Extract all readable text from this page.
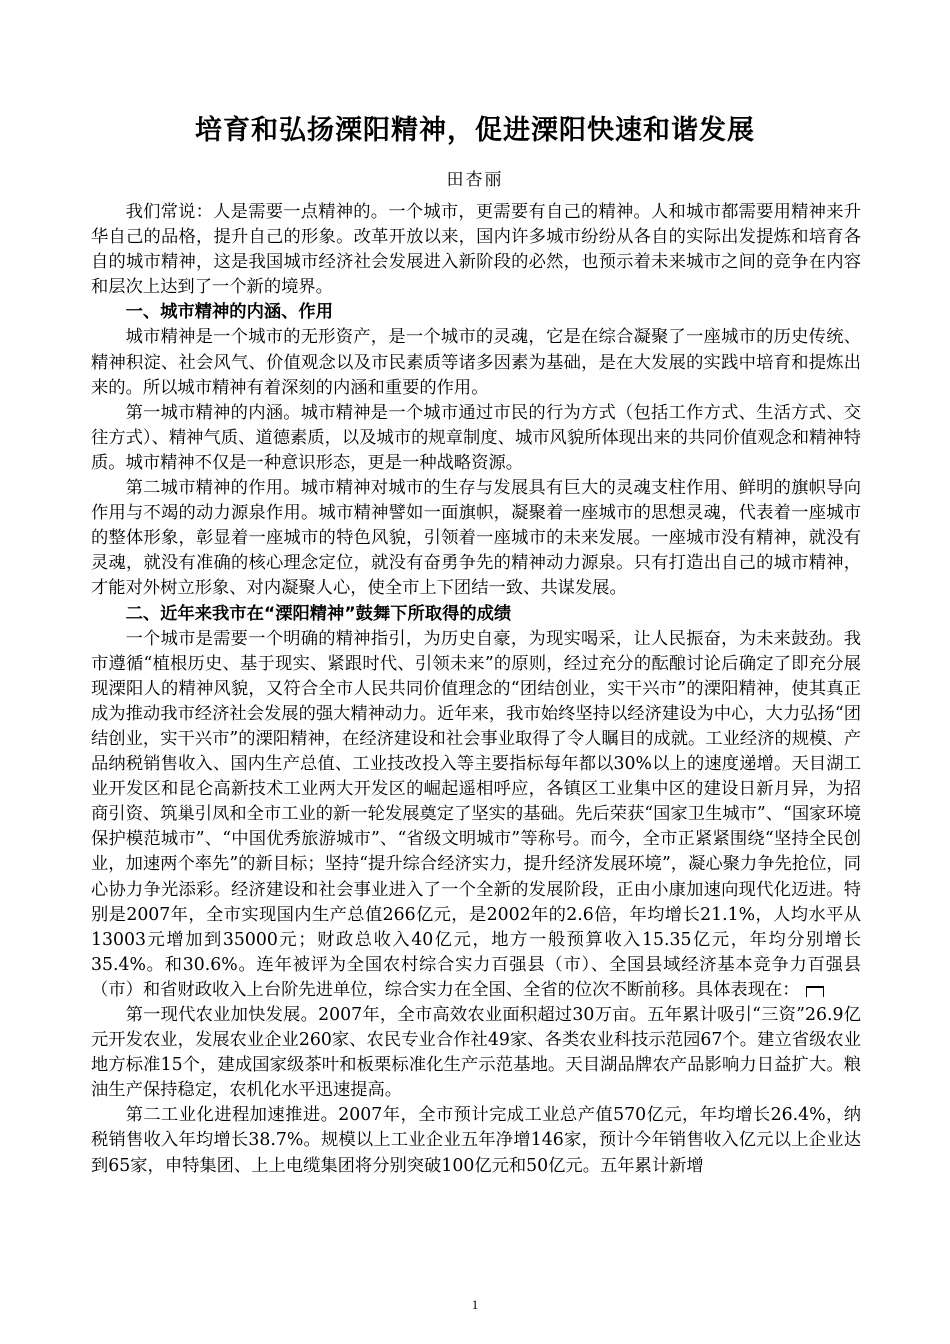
培育和弘扬溧阳精神，促进溧阳快速和谐发展
田杏丽

我们常说：人是需要一点精神的。一个城市，更需要有自己的精神。人和城市都需要用精神来升华自己的品格，提升自己的形象。改革开放以来，国内许多城市纷纷从各自的实际出发提炼和培育各自的城市精神，这是我国城市经济社会发展进入新阶段的必然，也预示着未来城市之间的竞争在内容和层次上达到了一个新的境界。

一、城市精神的内涵、作用

城市精神是一个城市的无形资产，是一个城市的灵魂，它是在综合凝聚了一座城市的历史传统、精神积淀、社会风气、价值观念以及市民素质等诸多因素为基础，是在大发展的实践中培育和提炼出来的。所以城市精神有着深刻的内涵和重要的作用。

第一城市精神的内涵。城市精神是一个城市通过市民的行为方式（包括工作方式、生活方式、交往方式）、精神气质、道德素质，以及城市的规章制度、城市风貌所体现出来的共同价值观念和精神特质。城市精神不仅是一种意识形态，更是一种战略资源。

第二城市精神的作用。城市精神对城市的生存与发展具有巨大的灵魂支柱作用、鲜明的旗帜导向作用与不竭的动力源泉作用。城市精神譬如一面旗帜，凝聚着一座城市的思想灵魂，代表着一座城市的整体形象，彰显着一座城市的特色风貌，引领着一座城市的未来发展。一座城市没有精神，就没有灵魂，就没有准确的核心理念定位，就没有奋勇争先的精神动力源泉。只有打造出自己的城市精神，才能对外树立形象、对内凝聚人心，使全市上下团结一致、共谋发展。

二、近年来我市在“溧阳精神”鼓舞下所取得的成绩

一个城市是需要一个明确的精神指引，为历史自豪，为现实喝采，让人民振奋，为未来鼓劲。我市遵循“植根历史、基于现实、紧跟时代、引领未来”的原则，经过充分的酝酿讨论后确定了即充分展现溧阳人的精神风貌，又符合全市人民共同价值理念的“团结创业，实干兴市”的溧阳精神，使其真正成为推动我市经济社会发展的强大精神动力。近年来，我市始终坚持以经济建设为中心，大力弘扬“团结创业，实干兴市”的溧阳精神，在经济建设和社会事业取得了令人瞩目的成就。工业经济的规模、产品纳税销售收入、国内生产总值、工业技改投入等主要指标每年都以30%以上的速度递增。天目湖工业开发区和昆仑高新技术工业两大开发区的崛起遥相呼应，各镇区工业集中区的建设日新月异，为招商引资、筑巢引凤和全市工业的新一轮发展奠定了坚实的基础。先后荣获“国家卫生城市”、“国家环境保护模范城市”、“中国优秀旅游城市”、“省级文明城市”等称号。而今，全市正紧紧围绕“坚持全民创业，加速两个率先”的新目标；坚持“提升综合经济实力，提升经济发展环境”，凝心聚力争先抢位，同心协力争光添彩。经济建设和社会事业进入了一个全新的发展阶段，正由小康加速向现代化迈进。特别是2007年，全市实现国内生产总值266亿元，是2002年的2.6倍，年均增长21.1%，人均水平从13003元增加到35000元；财政总收入40亿元，地方一般预算收入15.35亿元，年均分别增长35.4%。和30.6%。连年被评为全国农村综合实力百强县（市）、全国县域经济基本竞争力百强县（市）和省财政收入上台阶先进单位，综合实力在全国、全省的位次不断前移。具体表现在：

第一现代农业加快发展。2007年，全市高效农业面积超过30万亩。五年累计吸引“三资”26.9亿元开发农业，发展农业企业260家、农民专业合作社49家、各类农业科技示范园67个。建立省级农业地方标准15个，建成国家级茶叶和板栗标准化生产示范基地。天目湖品牌农产品影响力日益扩大。粮油生产保持稳定，农机化水平迅速提高。

第二工业化进程加速推进。2007年，全市预计完成工业总产值570亿元，年均增长26.4%，纳税销售收入年均增长38.7%。规模以上工业企业五年净增146家，预计今年销售收入亿元以上企业达到65家，申特集团、上上电缆集团将分别突破100亿元和50亿元。五年累计新增

1
